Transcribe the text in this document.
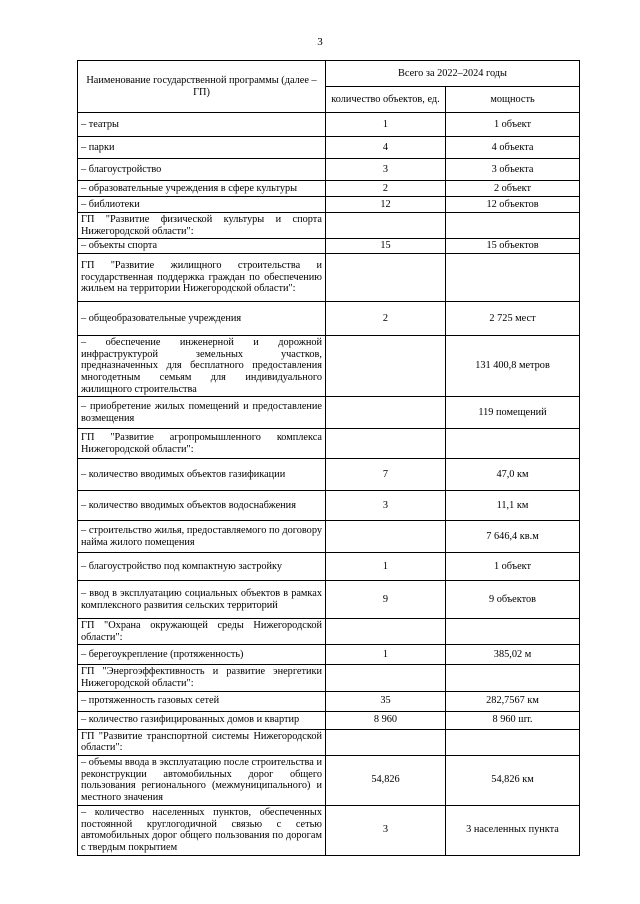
3
Наименование государственной программы (далее – ГП)	Всего за 2022–2024 годы	
	количество объектов, ед.	мощность
– театры	1	1 объект
– парки	4	4 объекта
– благоустройство	3	3 объекта
– образовательные учреждения в сфере культуры	2	2 объект
– библиотеки	12	12 объектов
ГП "Развитие физической культуры и спорта Нижегородской области":		
– объекты спорта	15	15 объектов
ГП "Развитие жилищного строительства и государственная поддержка граждан по обеспечению жильем на территории Нижегородской области":		
– общеобразовательные учреждения	2	2 725 мест
– обеспечение инженерной и дорожной инфраструктурой земельных участков, предназначенных для бесплатного предоставления многодетным семьям для индивидуального жилищного строительства		131 400,8 метров
– приобретение жилых помещений и предоставление возмещения		119 помещений
ГП "Развитие агропромышленного комплекса Нижегородской области":		
– количество вводимых объектов газификации	7	47,0 км
– количество вводимых объектов водоснабжения	3	11,1 км
– строительство жилья, предоставляемого по договору найма жилого помещения		7 646,4 кв.м
– благоустройство под компактную застройку	1	1 объект
– ввод в эксплуатацию социальных объектов в рамках комплексного развития сельских территорий	9	9 объектов
ГП "Охрана окружающей среды Нижегородской области":		
– берегоукрепление (протяженность)	1	385,02 м
ГП "Энергоэффективность и развитие энергетики Нижегородской области":		
– протяженность газовых сетей	35	282,7567 км
– количество газифицированных домов и квартир	8 960	8 960 шт.
ГП "Развитие транспортной системы Нижегородской области":		
– объемы ввода в эксплуатацию после строительства и реконструкции автомобильных дорог общего пользования регионального (межмуниципального) и местного значения	54,826	54,826 км
– количество населенных пунктов, обеспеченных постоянной круглогодичной связью с сетью автомобильных дорог общего пользования по дорогам с твердым покрытием	3	3 населенных пункта
